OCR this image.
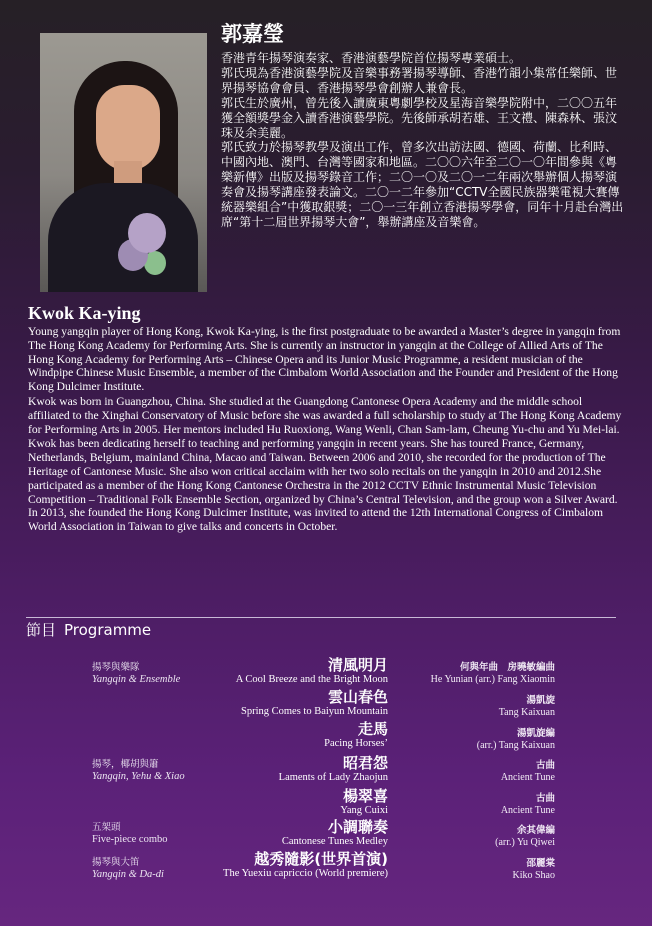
郭嘉瑩

香港青年揚琴演奏家、香港演藝學院首位揚琴專業碩士。

郭氏現為香港演藝學院及音樂事務署揚琴導師、香港竹韻小集常任樂師、世界揚琴協會會員、香港揚琴學會創辦人兼會長。

郭氏生於廣州，曾先後入讀廣東粵劇學校及星海音樂學院附中，二〇〇五年獲全額獎學金入讀香港演藝學院。先後師承胡若雄、王文禮、陳森林、張汶珠及余美麗。

郭氏致力於揚琴教學及演出工作，曾多次出訪法國、德國、荷蘭、比利時、中國內地、澳門、台灣等國家和地區。二〇〇六年至二〇一〇年間參與《粵樂新傳》出版及揚琴錄音工作；二〇一〇及二〇一二年兩次舉辦個人揚琴演奏會及揚琴講座發表論文。二〇一二年參加“CCTV全國民族器樂電視大賽傳統器樂組合”中獲取銀獎；二〇一三年創立香港揚琴學會，同年十月赴台灣出席“第十二屆世界揚琴大會”，舉辦講座及音樂會。

Kwok Ka-ying

Young yangqin player of Hong Kong, Kwok Ka-ying, is the first postgraduate to be awarded a Master’s degree in yangqin from The Hong Kong Academy for Performing Arts. She is currently an instructor in yangqin at the College of Allied Arts of The Hong Kong Academy for Performing Arts – Chinese Opera and its Junior Music Programme, a resident musician of the Windpipe Chinese Music Ensemble, a member of the Cimbalom World Association and the Founder and President of the Hong Kong Dulcimer Institute.

Kwok was born in Guangzhou, China. She studied at the Guangdong Cantonese Opera Academy and the middle school affiliated to the Xinghai Conservatory of Music before she was awarded a full scholarship to study at The Hong Kong Academy for Performing Arts in 2005. Her mentors included Hu Ruoxiong, Wang Wenli, Chan Sam-lam, Cheung Yu-chu and Yu Mei-lai.

Kwok has been dedicating herself to teaching and performing yangqin in recent years. She has toured France, Germany, Netherlands, Belgium, mainland China, Macao and Taiwan. Between 2006 and 2010, she recorded for the production of The Heritage of Cantonese Music. She also won critical acclaim with her two solo recitals on the yangqin in 2010 and 2012.She participated as a member of the Hong Kong Cantonese Orchestra in the 2012 CCTV Ethnic Instrumental Music Television Competition – Traditional Folk Ensemble Section, organized by China’s Central Television, and the group won a Silver Award. In 2013, she founded the Hong Kong Dulcimer Institute, was invited to attend the 12th International Congress of Cimbalom World Association in Taiwan to give talks and concerts in October.

節目 Programme
揚琴與樂隊
Yangqin & Ensemble
揚琴，椰胡與簫
Yangqin, Yehu & Xiao
五架頭
Five-piece combo
揚琴與大笛
Yangqin & Da-di
清風明月
A Cool Breeze and the Bright Moon
雲山春色
Spring Comes to Baiyun Mountain
走馬
Pacing Horses’
昭君怨
Laments of Lady Zhaojun
楊翠喜
Yang Cuixi
小調聯奏
Cantonese Tunes Medley
越秀隨影(世界首演)
The Yuexiu capriccio (World premiere)
何與年曲　房曉敏編曲
He Yunian (arr.) Fang Xiaomin
湯凱旋
Tang Kaixuan
湯凱旋編
(arr.) Tang Kaixuan
古曲
Ancient Tune
古曲
Ancient Tune
余其偉編
(arr.) Yu Qiwei
邵麗棠
Kiko Shao
